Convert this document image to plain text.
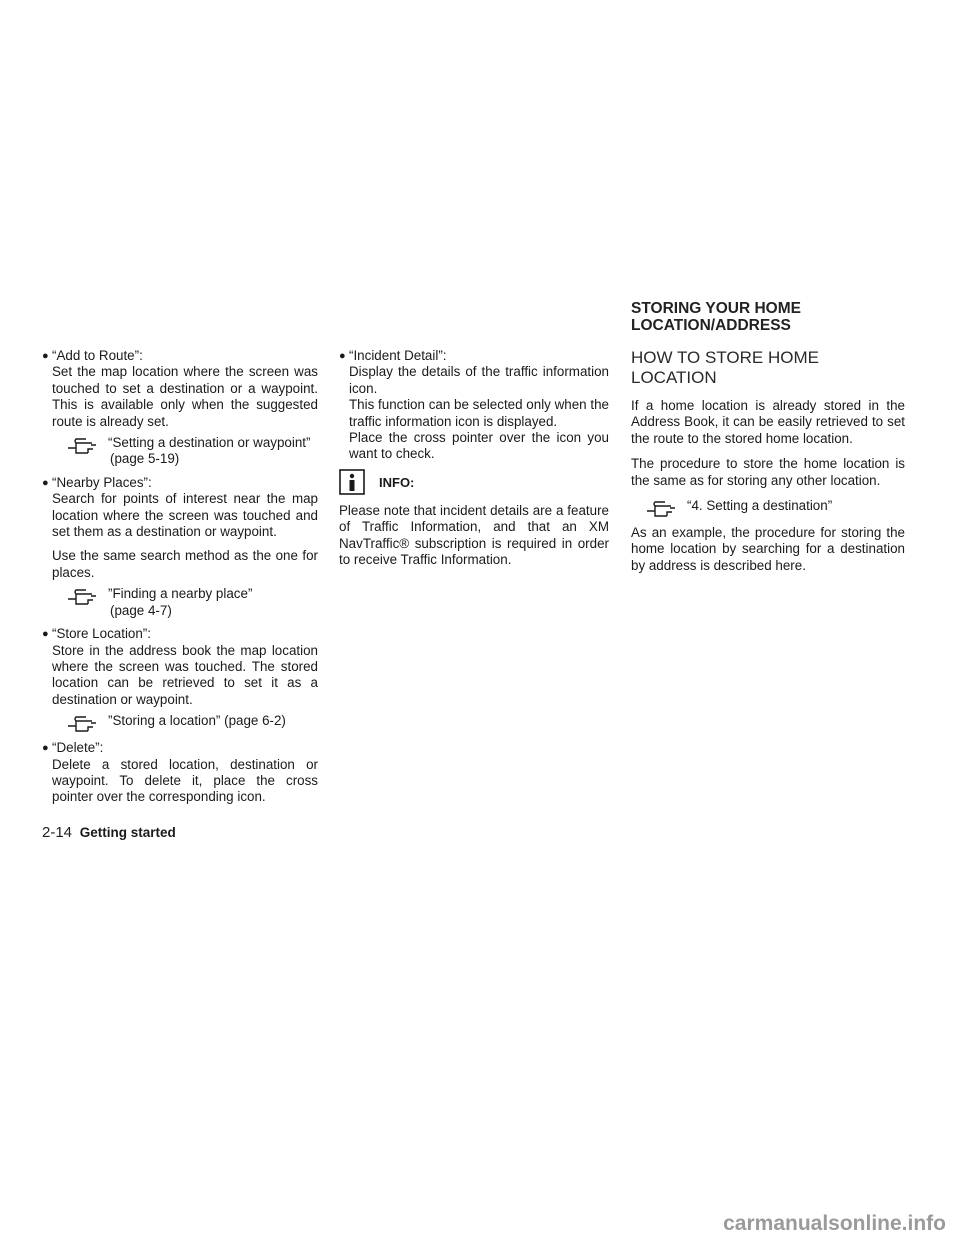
● “Add to Route”:

Set the map location where the screen was touched to set a destination or a waypoint. This is available only when the suggested route is already set.

“Setting a destination or waypoint”
(page 5-19)
● “Nearby Places”:

Search for points of interest near the map location where the screen was touched and set them as a destination or waypoint.

Use the same search method as the one for places.

”Finding a nearby place”
(page 4-7)
● “Store Location”:

Store in the address book the map location where the screen was touched. The stored location can be retrieved to set it as a destination or waypoint.

”Storing a location” (page 6-2)
● “Delete”:

Delete a stored location, destination or waypoint. To delete it, place the cross pointer over the corresponding icon.

● “Incident Detail”:

Display the details of the traffic information icon.

This function can be selected only when the traffic information icon is displayed.

Place the cross pointer over the icon you want to check.

INFO:

Please note that incident details are a feature of Traffic Information, and that an XM NavTraffic® subscription is required in order to receive Traffic Information.

STORING YOUR HOME

LOCATION/ADDRESS

HOW TO STORE HOME LOCATION

If a home location is already stored in the Address Book, it can be easily retrieved to set the route to the stored home location.

The procedure to store the home location is the same as for storing any other location.

“4. Setting a destination”

As an example, the procedure for storing the home location by searching for a destination by address is described here.

2-14 Getting started
carmanualsonline.info
